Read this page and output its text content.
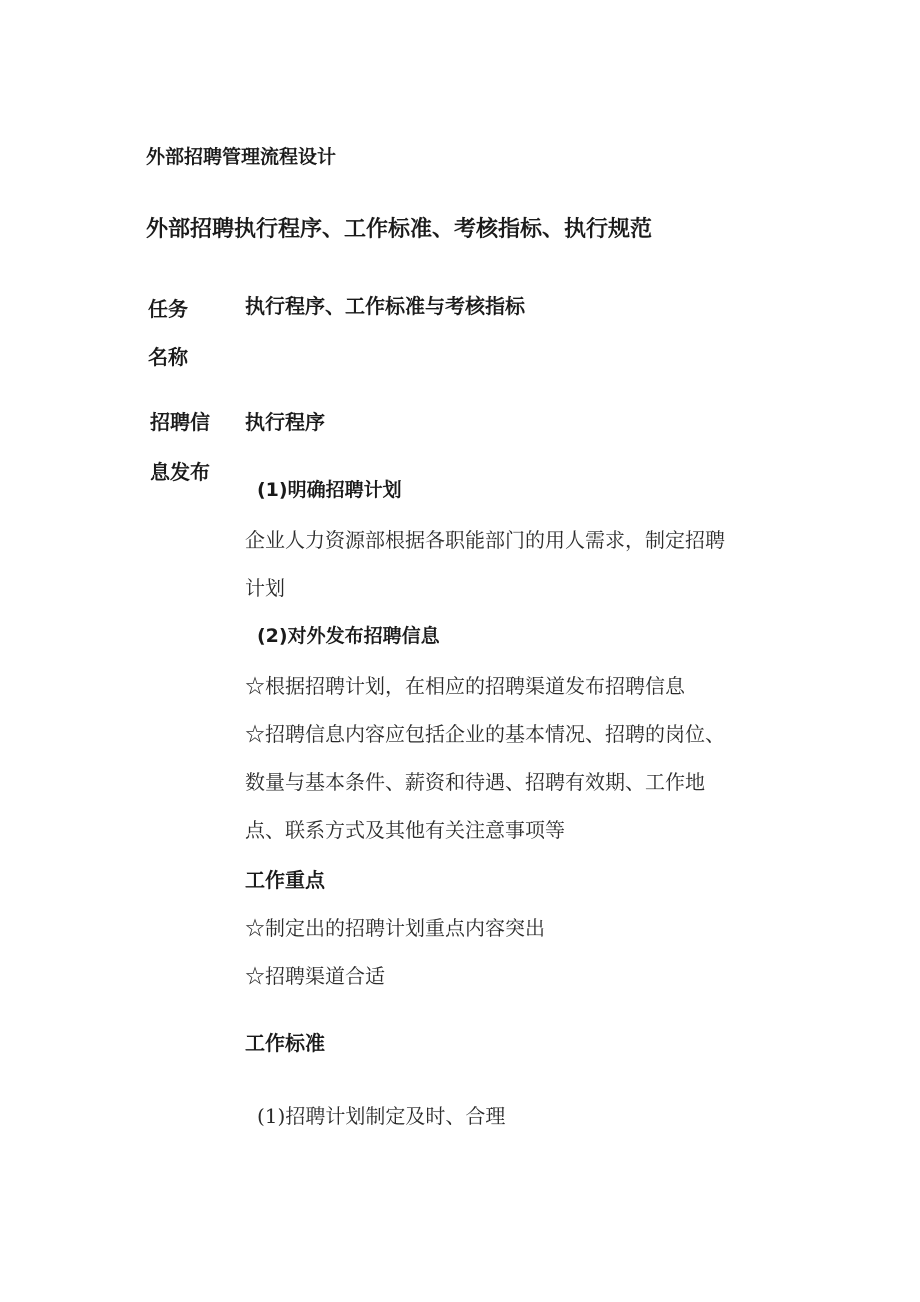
外部招聘管理流程设计
外部招聘执行程序、工作标准、考核指标、执行规范
任务
名称
执行程序、工作标准与考核指标
招聘信
息发布
执行程序
(1)明确招聘计划
企业人力资源部根据各职能部门的用人需求，制定招聘
计划
(2)对外发布招聘信息
☆根据招聘计划，在相应的招聘渠道发布招聘信息
☆招聘信息内容应包括企业的基本情况、招聘的岗位、
数量与基本条件、薪资和待遇、招聘有效期、工作地
点、联系方式及其他有关注意事项等
工作重点
☆制定出的招聘计划重点内容突出
☆招聘渠道合适
工作标准
(1)招聘计划制定及时、合理
